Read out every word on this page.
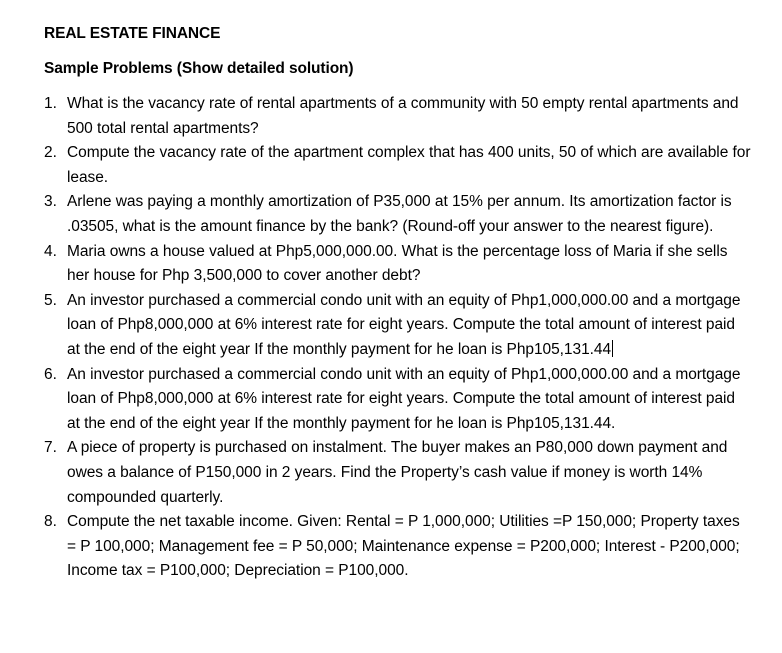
REAL ESTATE FINANCE
Sample Problems (Show detailed solution)
1. What is the vacancy rate of rental apartments of a community with 50 empty rental apartments and 500 total rental apartments?
2. Compute the vacancy rate of the apartment complex that has 400 units, 50 of which are available for lease.
3. Arlene was paying a monthly amortization of P35,000 at 15% per annum. Its amortization factor is .03505, what is the amount finance by the bank? (Round-off your answer to the nearest figure).
4. Maria owns a house valued at Php5,000,000.00. What is the percentage loss of Maria if she sells her house for Php 3,500,000 to cover another debt?
5. An investor purchased a commercial condo unit with an equity of Php1,000,000.00 and a mortgage loan of Php8,000,000 at 6% interest rate for eight years. Compute the total amount of interest paid at the end of the eight year If the monthly payment for he loan is Php105,131.44
6. An investor purchased a commercial condo unit with an equity of Php1,000,000.00 and a mortgage loan of Php8,000,000 at 6% interest rate for eight years. Compute the total amount of interest paid at the end of the eight year If the monthly payment for he loan is Php105,131.44.
7. A piece of property is purchased on instalment. The buyer makes an P80,000 down payment and owes a balance of P150,000 in 2 years. Find the Property’s cash value if money is worth 14% compounded quarterly.
8. Compute the net taxable income. Given: Rental = P 1,000,000; Utilities =P 150,000; Property taxes = P 100,000; Management fee = P 50,000; Maintenance expense = P200,000; Interest - P200,000; Income tax = P100,000; Depreciation = P100,000.
